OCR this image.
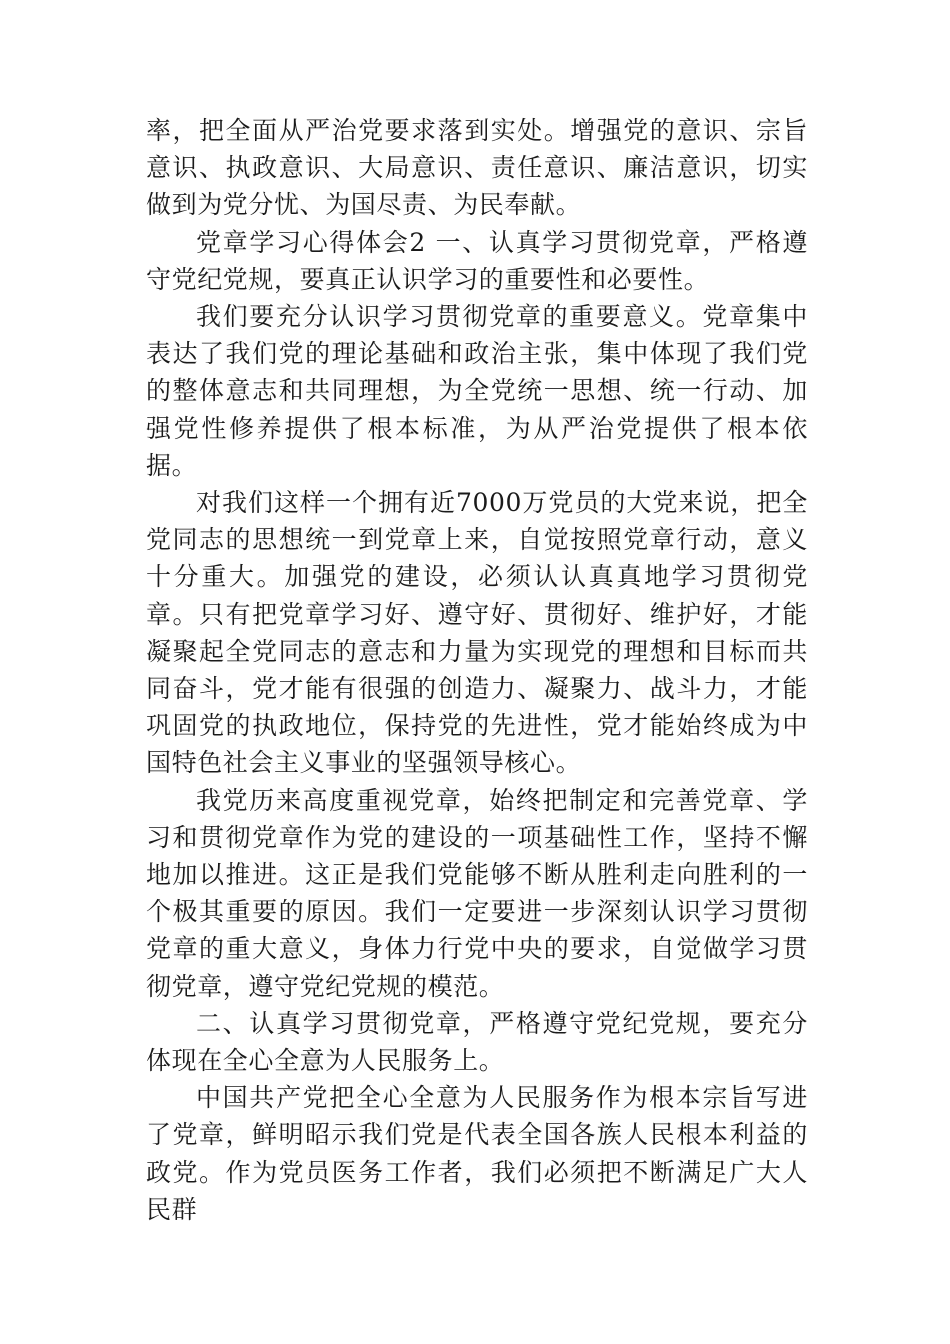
率，把全面从严治党要求落到实处。增强党的意识、宗旨意识、执政意识、大局意识、责任意识、廉洁意识，切实做到为党分忧、为国尽责、为民奉献。

党章学习心得体会2 一、认真学习贯彻党章，严格遵守党纪党规，要真正认识学习的重要性和必要性。

我们要充分认识学习贯彻党章的重要意义。党章集中表达了我们党的理论基础和政治主张，集中体现了我们党的整体意志和共同理想，为全党统一思想、统一行动、加强党性修养提供了根本标准，为从严治党提供了根本依据。

对我们这样一个拥有近7000万党员的大党来说，把全党同志的思想统一到党章上来，自觉按照党章行动，意义十分重大。加强党的建设，必须认认真真地学习贯彻党章。只有把党章学习好、遵守好、贯彻好、维护好，才能凝聚起全党同志的意志和力量为实现党的理想和目标而共同奋斗，党才能有很强的创造力、凝聚力、战斗力，才能巩固党的执政地位，保持党的先进性，党才能始终成为中国特色社会主义事业的坚强领导核心。

我党历来高度重视党章，始终把制定和完善党章、学习和贯彻党章作为党的建设的一项基础性工作，坚持不懈地加以推进。这正是我们党能够不断从胜利走向胜利的一个极其重要的原因。我们一定要进一步深刻认识学习贯彻党章的重大意义，身体力行党中央的要求，自觉做学习贯彻党章，遵守党纪党规的模范。

二、认真学习贯彻党章，严格遵守党纪党规，要充分体现在全心全意为人民服务上。

中国共产党把全心全意为人民服务作为根本宗旨写进了党章，鲜明昭示我们党是代表全国各族人民根本利益的政党。作为党员医务工作者，我们必须把不断满足广大人民群
